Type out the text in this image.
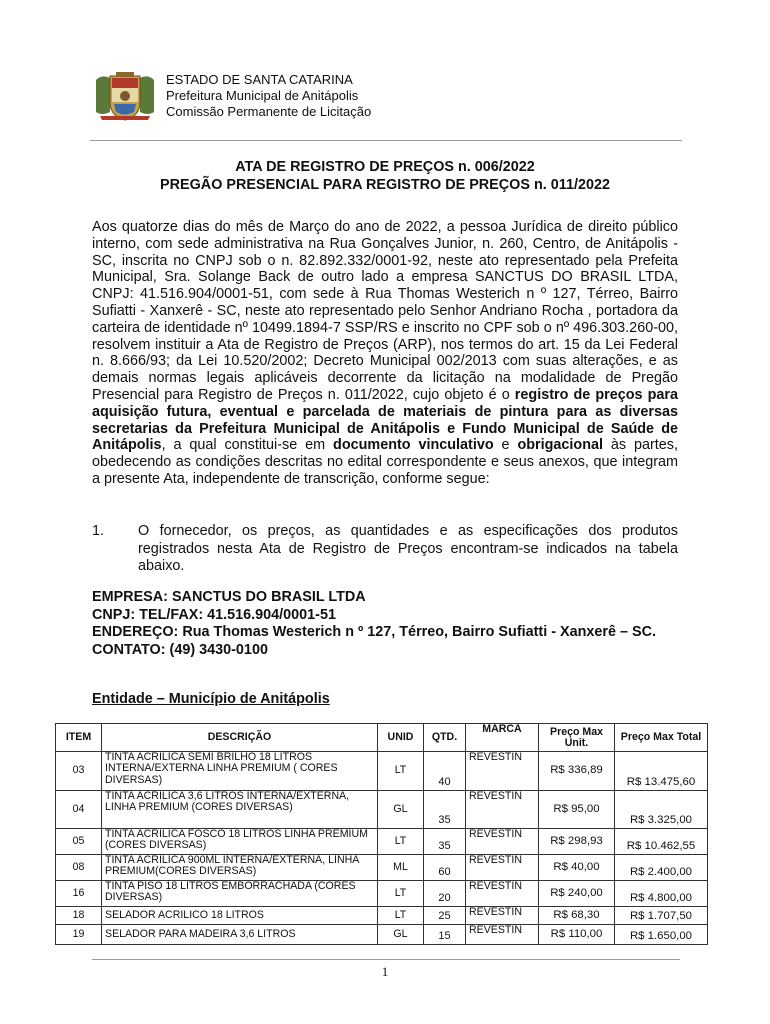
ESTADO DE SANTA CATARINA
Prefeitura Municipal de Anitápolis
Comissão Permanente de Licitação
ATA DE REGISTRO DE PREÇOS n. 006/2022
PREGÃO PRESENCIAL PARA REGISTRO DE PREÇOS n. 011/2022
Aos quatorze dias do mês de Março do ano de 2022, a pessoa Jurídica de direito público interno, com sede administrativa na Rua Gonçalves Junior, n. 260, Centro, de Anitápolis - SC, inscrita no CNPJ sob o n. 82.892.332/0001-92, neste ato representado pela Prefeita Municipal, Sra. Solange Back de outro lado a empresa SANCTUS DO BRASIL LTDA, CNPJ: 41.516.904/0001-51, com sede à Rua Thomas Westerich n º 127, Térreo, Bairro Sufiatti - Xanxerê - SC, neste ato representado pelo Senhor Andriano Rocha , portadora da carteira de identidade nº 10499.1894-7 SSP/RS e inscrito no CPF sob o nº 496.303.260-00, resolvem instituir a Ata de Registro de Preços (ARP), nos termos do art. 15 da Lei Federal n. 8.666/93; da Lei 10.520/2002; Decreto Municipal 002/2013 com suas alterações, e as demais normas legais aplicáveis decorrente da licitação na modalidade de Pregão Presencial para Registro de Preços n. 011/2022, cujo objeto é o registro de preços para aquisição futura, eventual e parcelada de materiais de pintura para as diversas secretarias da Prefeitura Municipal de Anitápolis e Fundo Municipal de Saúde de Anitápolis, a qual constitui-se em documento vinculativo e obrigacional às partes, obedecendo as condições descritas no edital correspondente e seus anexos, que integram a presente Ata, independente de transcrição, conforme segue:
1. O fornecedor, os preços, as quantidades e as especificações dos produtos registrados nesta Ata de Registro de Preços encontram-se indicados na tabela abaixo.
EMPRESA: SANCTUS DO BRASIL LTDA
CNPJ: TEL/FAX: 41.516.904/0001-51
ENDEREÇO: Rua Thomas Westerich n º 127, Térreo, Bairro Sufiatti - Xanxerê – SC.
CONTATO: (49) 3430-0100
Entidade – Município de Anitápolis
ITEM	DESCRIÇÃO	UNID	QTD.	MARCA	Preço Max Unit.	Preço Max Total
03	TINTA ACRILICA SEMI BRILHO 18 LITROS INTERNA/EXTERNA LINHA PREMIUM ( CORES DIVERSAS)	LT	40	REVESTIN	R$ 336,89	R$ 13.475,60
04	TINTA ACRILICA 3,6 LITROS INTERNA/EXTERNA, LINHA PREMIUM (CORES DIVERSAS)	GL	35	REVESTIN	R$ 95,00	R$ 3.325,00
05	TINTA ACRILICA FOSCO 18 LITROS LINHA PREMIUM (CORES DIVERSAS)	LT	35	REVESTIN	R$ 298,93	R$ 10.462,55
08	TINTA ACRILICA 900ML INTERNA/EXTERNA, LINHA PREMIUM(CORES DIVERSAS)	ML	60	REVESTIN	R$ 40,00	R$ 2.400,00
16	TINTA PISO 18 LITROS EMBORRACHADA (CORES DIVERSAS)	LT	20	REVESTIN	R$ 240,00	R$ 4.800,00
18	SELADOR ACRILICO 18 LITROS	LT	25	REVESTIN	R$ 68,30	R$ 1.707,50
19	SELADOR PARA MADEIRA 3,6 LITROS	GL	15	REVESTIN	R$ 110,00	R$ 1.650,00
1
